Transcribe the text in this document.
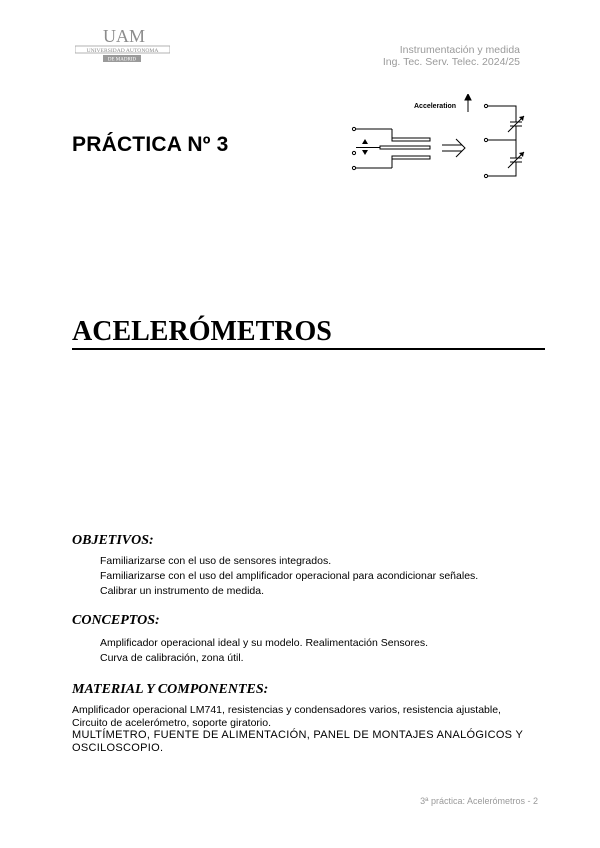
UAM
UNIVERSIDAD AUTONOMA
DE MADRID
Instrumentación y medida
Ing. Tec. Serv. Telec. 2024/25
PRÁCTICA Nº 3
Acceleration
ACELERÓMETROS
OBJETIVOS:
Familiarizarse con el uso de sensores integrados.
Familiarizarse con el uso del amplificador operacional para acondicionar señales.
Calibrar un instrumento de medida.
CONCEPTOS:
Amplificador operacional ideal y su modelo. Realimentación Sensores.
Curva de calibración, zona útil.
MATERIAL Y COMPONENTES:
Amplificador operacional LM741, resistencias y condensadores varios, resistencia ajustable, Circuito de acelerómetro, soporte giratorio.
MULTÍMETRO, FUENTE DE ALIMENTACIÓN, PANEL DE MONTAJES ANALÓGICOS Y OSCILOSCOPIO.
3ª práctica: Acelerómetros - 2
